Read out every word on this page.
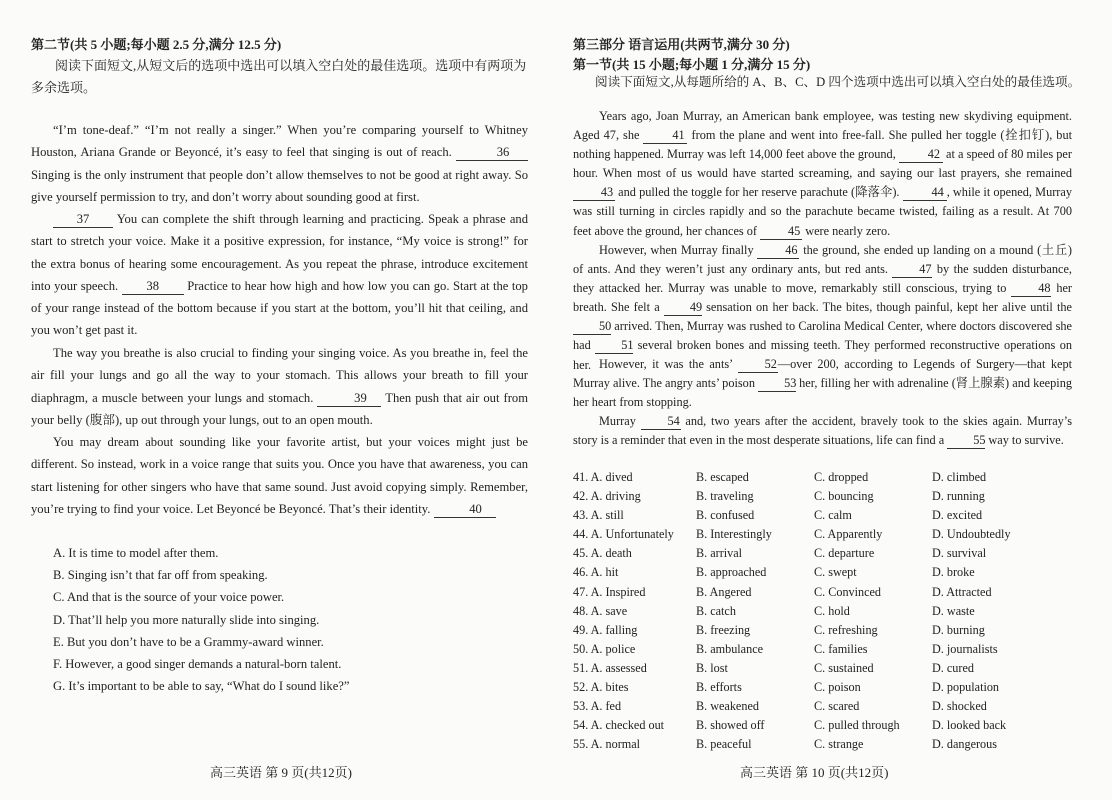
第二节(共 5 小题;每小题 2.5 分,满分 12.5 分)
阅读下面短文,从短文后的选项中选出可以填入空白处的最佳选项。选项中有两项为
多余选项。

“I’m tone-deaf.” “I’m not really a singer.” When you’re comparing yourself to Whitney Houston, Ariana Grande or Beyoncé, it’s easy to feel that singing is out of reach.	36 Singing is the only instrument that people don’t allow themselves to not be good at right away. So give yourself permission to try, and don’t worry about sounding good at first.

37 You can complete the shift through learning and practicing. Speak a phrase and start to stretch your voice. Make it a positive expression, for instance, “My voice is strong!” for the extra bonus of hearing some encouragement. As you repeat the phrase, introduce excitement into your speech. 38 Practice to hear how high and how low you can go. Start at the top of your range instead of the bottom because if you start at the bottom, you’ll hit that ceiling, and you won’t get past it.

The way you breathe is also crucial to finding your singing voice. As you breathe in, feel the air fill your lungs and go all the way to your stomach. This allows your breath to fill your diaphragm, a muscle between your lungs and stomach.	39 Then push that air out from your belly (腹部), up out through your lungs, out to an open mouth.

You may dream about sounding like your favorite artist, but your voices might just be different. So instead, work in a voice range that suits you. Once you have that awareness, you can start listening for other singers who have that same sound. Just avoid copying simply. Remember, you’re trying to find your voice. Let Beyoncé be Beyoncé. That’s their identity.	40

A. It is time to model after them.
B. Singing isn’t that far off from speaking.
C. And that is the source of your voice power.
D. That’ll help you more naturally slide into singing.
E. But you don’t have to be a Grammy-award winner.
F. However, a good singer demands a natural-born talent.
G. It’s important to be able to say, “What do I sound like?”
高三英语 第 9 页(共12页)
第三部分 语言运用(共两节,满分 30 分)
第一节(共 15 小题;每小题 1 分,满分 15 分)
阅读下面短文,从每题所给的 A、B、C、D 四个选项中选出可以填入空白处的最佳选项。

Years ago, Joan Murray, an American bank employee, was testing new skydiving equipment. Aged 47, she	41 from the plane and went into free-fall. She pulled her toggle (拴扣钉), but nothing happened. Murray was left 14,000 feet above the ground,	42 at a speed of 80 miles per hour. When most of us would have started screaming, and saying our last prayers, she remained 43 and pulled the toggle for her reserve parachute (降落伞).	44 , while it opened, Murray was still turning in circles rapidly and so the parachute became twisted, failing as a result. At 700 feet above the ground, her chances of	45 were nearly zero.

However, when Murray finally	46 the ground, she ended up landing on a mound (土丘) of ants. And they weren’t just any ordinary ants, but red ants.	47 by the sudden disturbance, they attacked her. Murray was unable to move, remarkably still conscious, trying to	48 her breath. She felt a 49 sensation on her back. The bites, though painful, kept her alive until the 50 arrived. Then, Murray was rushed to Carolina Medical Center, where doctors discovered she had 51 several broken bones and missing teeth. They performed reconstructive operations on her. However, it was the ants’	52—over 200, according to Legends of Surgery—that kept Murray alive. The angry ants’ poison 53 her, filling her with adrenaline (肾上腺素) and keeping her heart from stopping.

Murray	54 and, two years after the accident, bravely took to the skies again. Murray’s story is a reminder that even in the most desperate situations, life can find a 55 way to survive.

41. A. dived	B. escaped	C. dropped	D. climbed
42. A. driving	B. traveling	C. bouncing	D. running
43. A. still	B. confused	C. calm	D. excited
44. A. Unfortunately B. Interestingly	C. Apparently	D. Undoubtedly
45. A. death	B. arrival	C. departure	D. survival
46. A. hit	B. approached	C. swept	D. broke
47. A. Inspired	B. Angered	C. Convinced	D. Attracted
48. A. save	B. catch	C. hold	D. waste
49. A. falling	B. freezing	C. refreshing	D. burning
50. A. police	B. ambulance	C. families	D. journalists
51. A. assessed	B. lost	C. sustained	D. cured
52. A. bites	B. efforts	C. poison	D. population
53. A. fed	B. weakened	C. scared	D. shocked
54. A. checked out	B. showed off	C. pulled through	D. looked back
55. A. normal	B. peaceful	C. strange	D. dangerous
高三英语 第 10 页(共12页)
